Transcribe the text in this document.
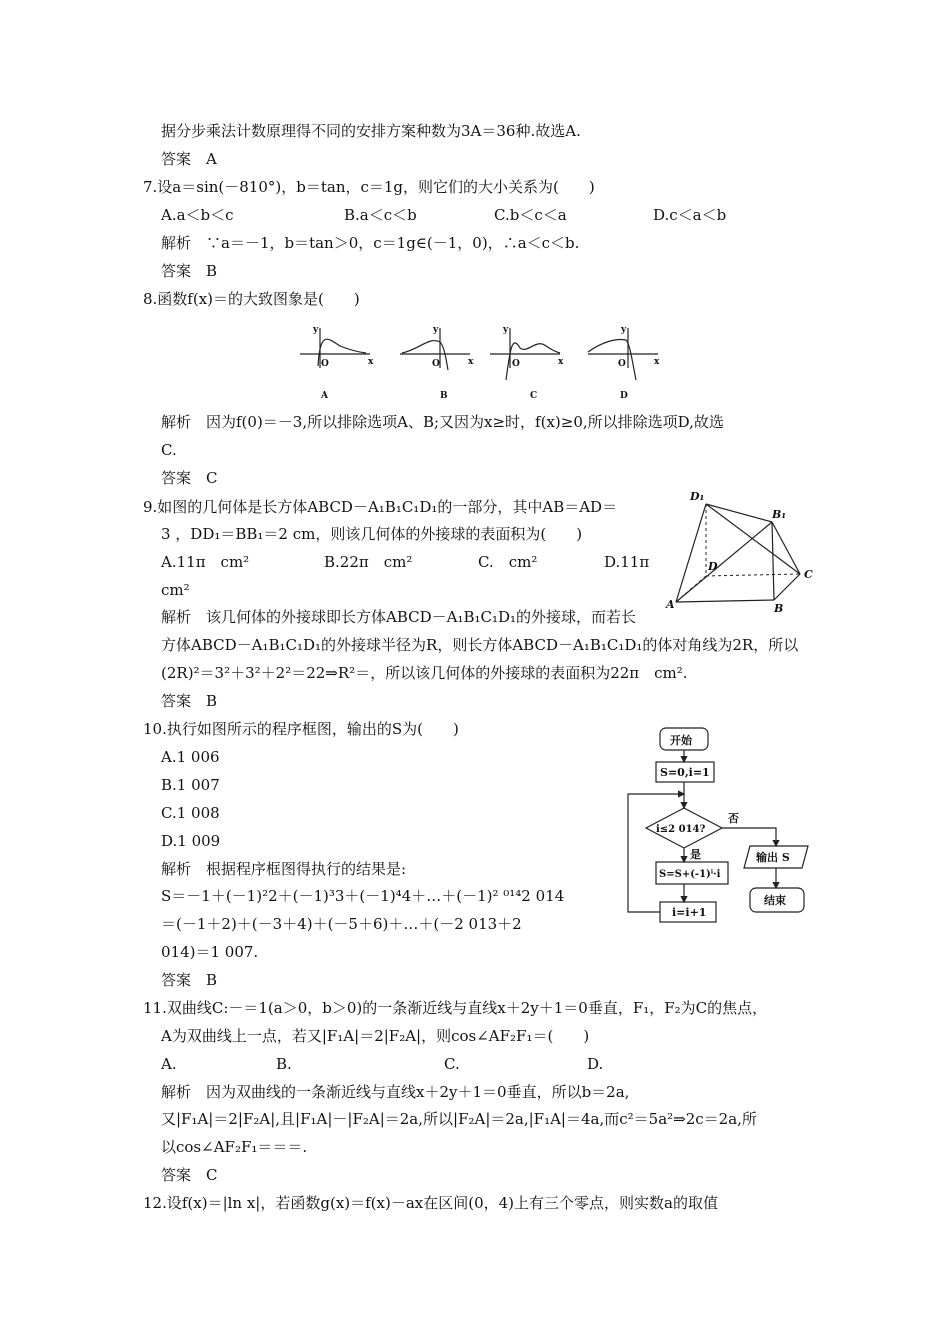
据分步乘法计数原理得不同的安排方案种数为3A＝36种.故选A.
答案　A
7.设a＝sin(－810°)，b＝tan，c＝1g，则它们的大小关系为(　　)
A.a＜b＜c	B.a＜c＜b	C.b＜c＜a	D.c＜a＜b
解析　∵a＝－1，b＝tan＞0，c＝1g∈(－1，0)，∴a＜c＜b.
答案　B
8.函数f(x)＝的大致图象是(　　)
y
x
O
y
x
O
y
x
O
y
x
O
A	B	C	D
解析　因为f(0)＝－3,所以排除选项A、B;又因为x≥时，f(x)≥0,所以排除选项D,故选
C.
答案　C
9.如图的几何体是长方体ABCD－A₁B₁C₁D₁的一部分，其中AB＝AD＝
3 ，DD₁＝BB₁＝2 cm，则该几何体的外接球的表面积为(　　)
A.11π　cm²	B.22π　cm²	C.　cm²	D.11π
cm²
D₁
B₁
D
C
A	B
解析　该几何体的外接球即长方体ABCD－A₁B₁C₁D₁的外接球，而若长
方体ABCD－A₁B₁C₁D₁的外接球半径为R，则长方体ABCD－A₁B₁C₁D₁的体对角线为2R，所以
(2R)²＝3²＋3²＋2²＝22⇒R²＝，所以该几何体的外接球的表面积为22π　cm².
答案　B
10.执行如图所示的程序框图，输出的S为(　　)
A.1 006
B.1 007
C.1 008
D.1 009
解析　根据程序框图得执行的结果是:
S＝－1＋(－1)²2＋(－1)³3＋(－1)⁴4＋…＋(－1)² ⁰¹⁴2 014
＝(－1＋2)＋(－3＋4)＋(－5＋6)＋…＋(－2 013＋2
014)＝1 007.
答案　B
开始
S=0,i=1
i≤2 014?
否
是
S=S+(-1)ⁱ·i
i=i+1
输出 S
结束
11.双曲线C:－＝1(a＞0，b＞0)的一条渐近线与直线x＋2y＋1＝0垂直，F₁，F₂为C的焦点，
A为双曲线上一点，若又|F₁A|＝2|F₂A|，则cos∠AF₂F₁＝(　　)
A.	B.	C.	D.
解析　因为双曲线的一条渐近线与直线x＋2y＋1＝0垂直，所以b＝2a,
又|F₁A|＝2|F₂A|,且|F₁A|－|F₂A|＝2a,所以|F₂A|＝2a,|F₁A|＝4a,而c²＝5a²⇒2c＝2a,所
以cos∠AF₂F₁＝＝＝.
答案　C
12.设f(x)＝|ln x|，若函数g(x)＝f(x)－ax在区间(0，4)上有三个零点，则实数a的取值
